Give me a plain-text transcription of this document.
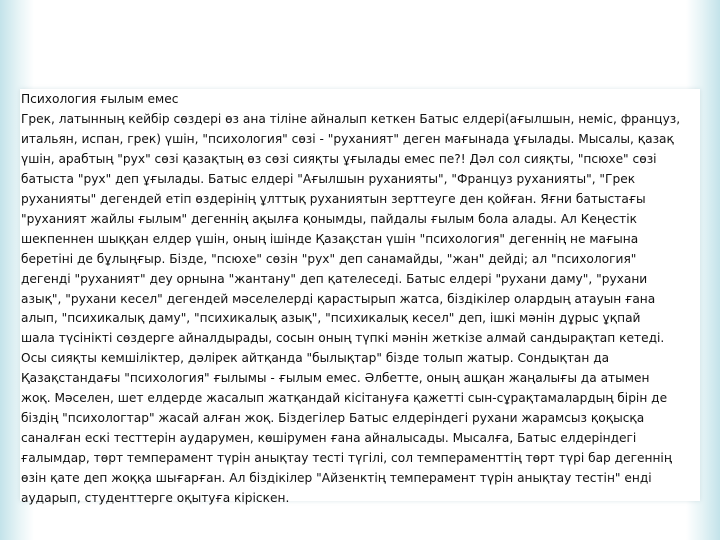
Психология ғылым емес

Грек, латынның кейбір сөздері өз ана тіліне айналып кеткен Батыс елдері(ағылшын, неміс, француз,
итальян, испан, грек) үшін, "психология" сөзі - "рухaният" деген мағынада ұғылады. Мысалы, қазақ
үшін, арабтың "рух" сөзі қазақтың өз сөзі сияқты ұғылады емес пе?! Дәл сол сияқты, "псюхе" сөзі
батыста "рух" деп ұғылады. Батыс елдері "Ағылшын руханияты", "Француз руханияты", "Грек
руханияты" дегендей етіп өздерінің ұлттық руханиятын зерттеуге ден қойған. Яғни батыстағы
"рухaният жайлы ғылым" дегеннің ақылға қонымды, пайдалы ғылым бола алады. Ал Кеңестік
шекпеннен шыққан елдер үшін, оның ішінде Қазақстан үшін "психология" дегеннің не мағына
беретіні де бұлыңғыр. Бізде, "псюхе" сөзін "рух" деп санамайды, "жан" дейді; ал "психология"
дегенді "руханият" деу орнына "жантану" деп қателеседі. Батыс елдері "рухани даму", "рухани
азық", "рухани кесел" дегендей мәселелерді қарастырып жатса, біздікілер олардың атауын ғана
алып, "психикалық даму", "психикалық азық", "психикалық кесел" деп, ішкі мәнін дұрыс ұқпай
шала түсінікті сөздерге айналдырады, сосын оның түпкі мәнін жеткізе алмай сандырақтап кетеді.
Осы сияқты кемшіліктер, дәлірек айтқанда "былықтар" бізде толып жатыр. Сондықтан да
Қазақстандағы "психология" ғылымы - ғылым емес. Әлбетте, оның ашқан жаңалығы да атымен
жоқ. Мәселен, шет елдерде жасалып жатқандай кісітануға қажетті сын-сұрақтамалардың бірін де
біздің "психологтар" жасай алған жоқ. Біздегілер Батыс елдеріндегі рухани жарамсыз қоқысқа
саналған ескі тесттерін аударумен, көшірумен ғана айналысады. Мысалға, Батыс елдеріндегі
ғалымдар, төрт темперамент түрін анықтау тесті түгілі, сол темпераменттің төрт түрі бар дегеннің
өзін қате деп жоққа шығарған. Ал біздікілер "Айзенктің темперамент түрін анықтау тестін" енді
аударып, студенттерге оқытуға кіріскен.
